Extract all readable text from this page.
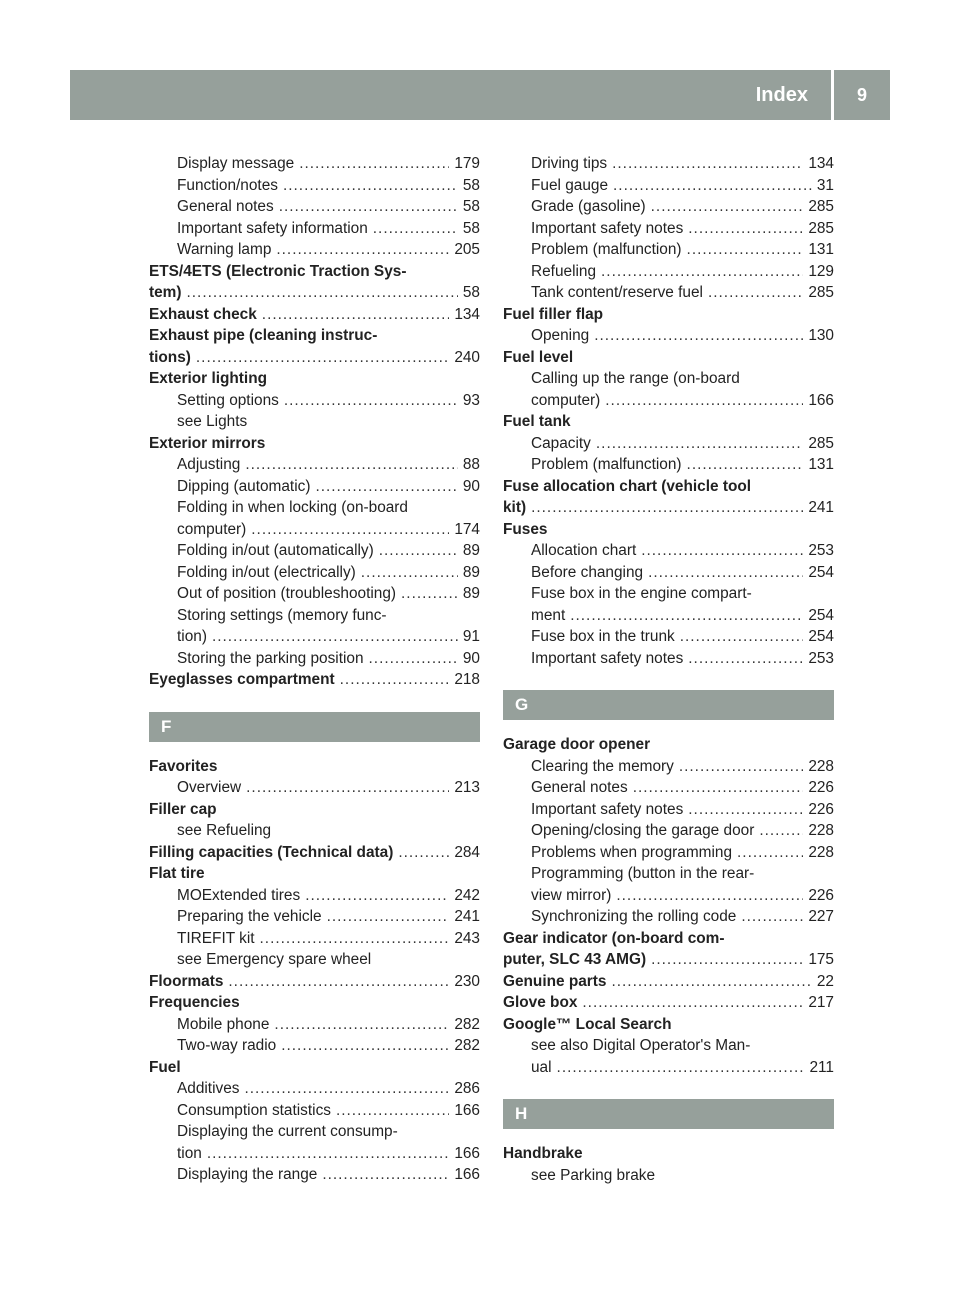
Index	9
Display message .....	179
Function/notes .....	58
General notes .....	58
Important safety information .....	58
Warning lamp .....	205
ETS/4ETS (Electronic Traction Sys-
tem) .....	58
Exhaust check .....	134
Exhaust pipe (cleaning instruc-
tions) .....	240
Exterior lighting
Setting options .....	93
see Lights
Exterior mirrors
Adjusting .....	88
Dipping (automatic) .....	90
Folding in when locking (on-board
computer) .....	174
Folding in/out (automatically) .....	89
Folding in/out (electrically) .....	89
Out of position (troubleshooting) .....	89
Storing settings (memory func-
tion) .....	91
Storing the parking position .....	90
Eyeglasses compartment .....	218
F
Favorites
Overview .....	213
Filler cap
see Refueling
Filling capacities (Technical data) .....	284
Flat tire
MOExtended tires .....	242
Preparing the vehicle .....	241
TIREFIT kit .....	243
see Emergency spare wheel
Floormats .....	230
Frequencies
Mobile phone .....	282
Two-way radio .....	282
Fuel
Additives .....	286
Consumption statistics .....	166
Displaying the current consump-
tion .....	166
Displaying the range .....	166
Driving tips .....	134
Fuel gauge .....	31
Grade (gasoline) .....	285
Important safety notes .....	285
Problem (malfunction) .....	131
Refueling .....	129
Tank content/reserve fuel .....	285
Fuel filler flap
Opening .....	130
Fuel level
Calling up the range (on-board
computer) .....	166
Fuel tank
Capacity .....	285
Problem (malfunction) .....	131
Fuse allocation chart (vehicle tool
kit) .....	241
Fuses
Allocation chart .....	253
Before changing .....	254
Fuse box in the engine compart-
ment .....	254
Fuse box in the trunk .....	254
Important safety notes .....	253
G
Garage door opener
Clearing the memory .....	228
General notes .....	226
Important safety notes .....	226
Opening/closing the garage door .....	228
Problems when programming .....	228
Programming (button in the rear-
view mirror) .....	226
Synchronizing the rolling code .....	227
Gear indicator (on-board com-
puter, SLC 43 AMG) .....	175
Genuine parts .....	22
Glove box .....	217
Google™ Local Search
see also Digital Operator's Man-
ual .....	211
H
Handbrake
see Parking brake
